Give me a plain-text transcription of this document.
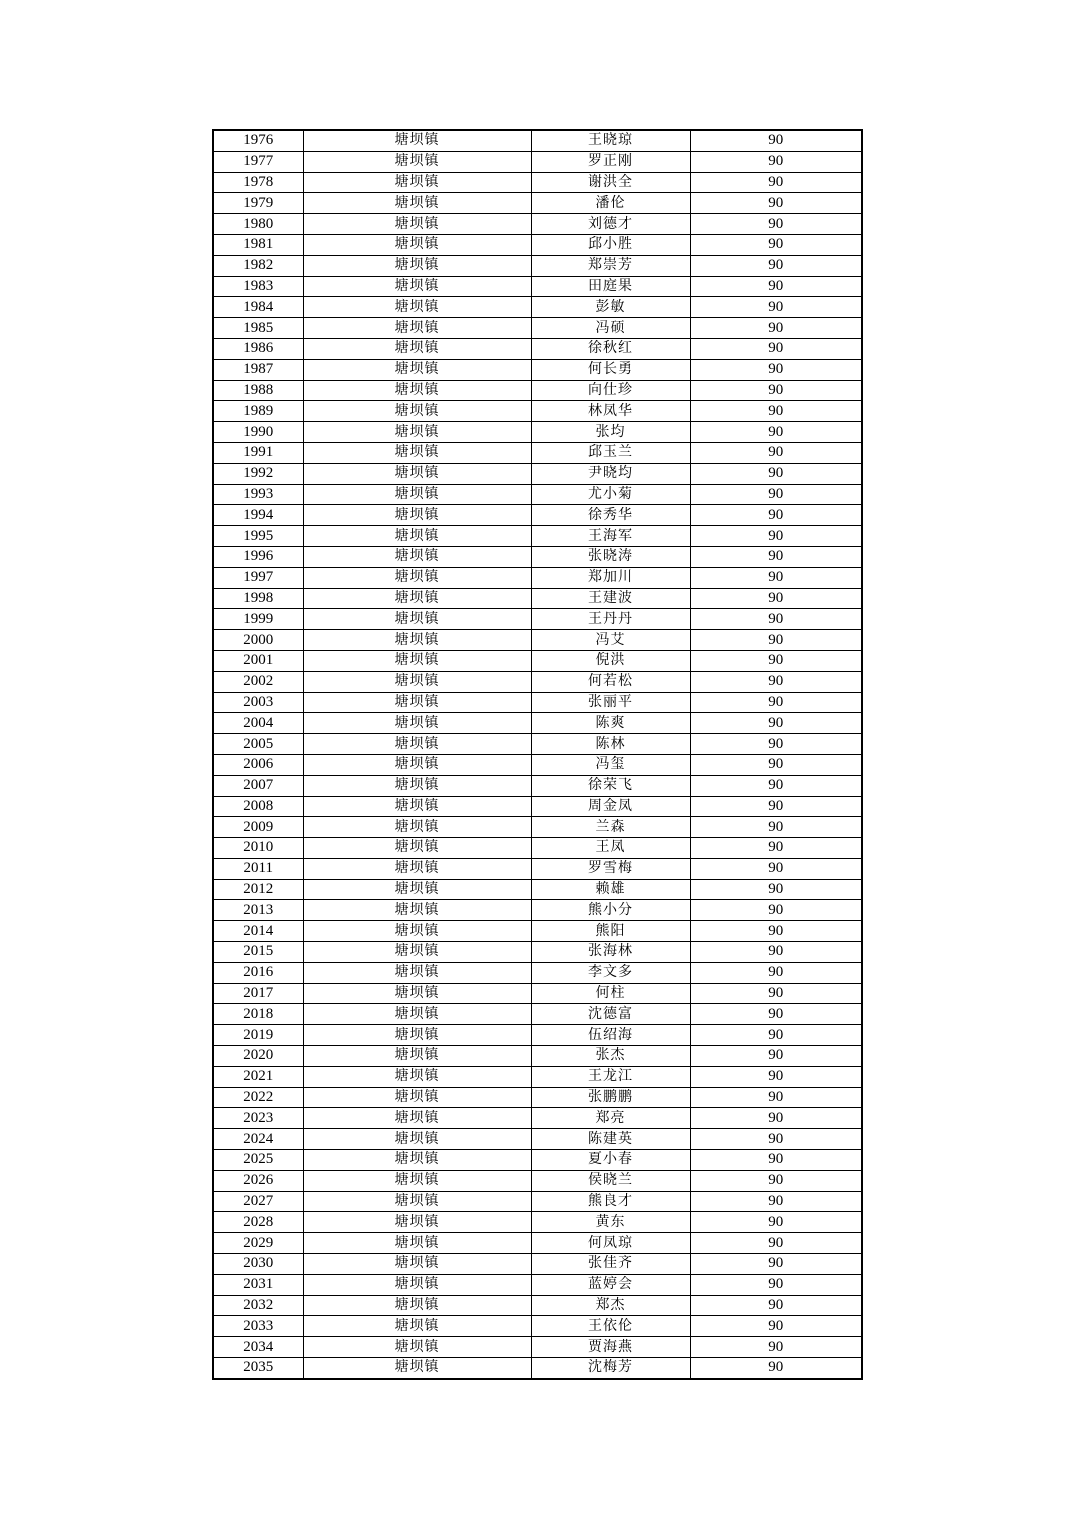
1976	塘坝镇	王晓琼	90
1977	塘坝镇	罗正刚	90
1978	塘坝镇	谢洪全	90
1979	塘坝镇	潘伦	90
1980	塘坝镇	刘德才	90
1981	塘坝镇	邱小胜	90
1982	塘坝镇	郑崇芳	90
1983	塘坝镇	田庭果	90
1984	塘坝镇	彭敏	90
1985	塘坝镇	冯硕	90
1986	塘坝镇	徐秋红	90
1987	塘坝镇	何长勇	90
1988	塘坝镇	向仕珍	90
1989	塘坝镇	林凤华	90
1990	塘坝镇	张均	90
1991	塘坝镇	邱玉兰	90
1992	塘坝镇	尹晓均	90
1993	塘坝镇	尤小菊	90
1994	塘坝镇	徐秀华	90
1995	塘坝镇	王海军	90
1996	塘坝镇	张晓涛	90
1997	塘坝镇	郑加川	90
1998	塘坝镇	王建波	90
1999	塘坝镇	王丹丹	90
2000	塘坝镇	冯艾	90
2001	塘坝镇	倪洪	90
2002	塘坝镇	何若松	90
2003	塘坝镇	张丽平	90
2004	塘坝镇	陈爽	90
2005	塘坝镇	陈林	90
2006	塘坝镇	冯玺	90
2007	塘坝镇	徐荣飞	90
2008	塘坝镇	周金凤	90
2009	塘坝镇	兰森	90
2010	塘坝镇	王凤	90
2011	塘坝镇	罗雪梅	90
2012	塘坝镇	赖雄	90
2013	塘坝镇	熊小分	90
2014	塘坝镇	熊阳	90
2015	塘坝镇	张海林	90
2016	塘坝镇	李文多	90
2017	塘坝镇	何柱	90
2018	塘坝镇	沈德富	90
2019	塘坝镇	伍绍海	90
2020	塘坝镇	张杰	90
2021	塘坝镇	王龙江	90
2022	塘坝镇	张鹏鹏	90
2023	塘坝镇	郑亮	90
2024	塘坝镇	陈建英	90
2025	塘坝镇	夏小春	90
2026	塘坝镇	侯晓兰	90
2027	塘坝镇	熊良才	90
2028	塘坝镇	黄东	90
2029	塘坝镇	何凤琼	90
2030	塘坝镇	张佳齐	90
2031	塘坝镇	蓝婷会	90
2032	塘坝镇	郑杰	90
2033	塘坝镇	王依伦	90
2034	塘坝镇	贾海燕	90
2035	塘坝镇	沈梅芳	90
